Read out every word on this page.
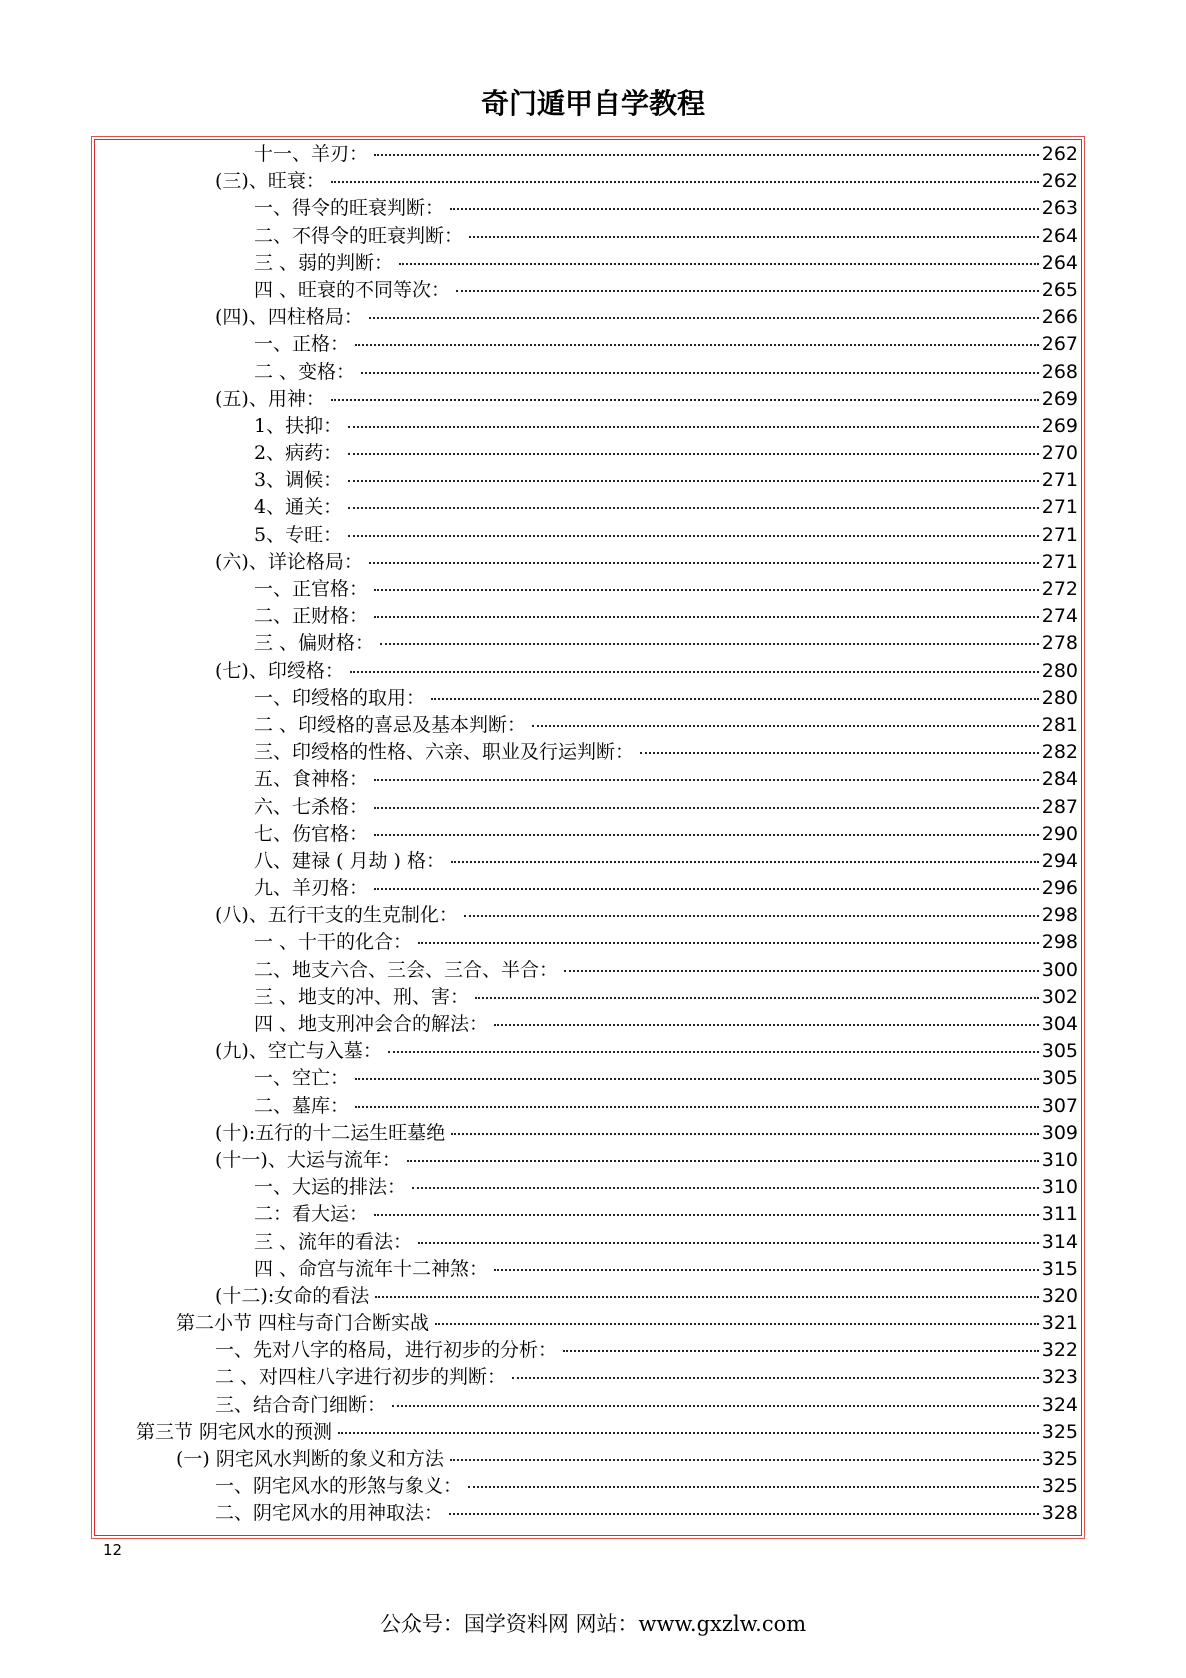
奇门遁甲自学教程
十一、羊刃：	262
(三)、旺衰：	262
一、得令的旺衰判断：	263
二、不得令的旺衰判断：	264
三 、弱的判断：	264
四 、旺衰的不同等次：	265
(四)、四柱格局：	266
一、正格：	267
二 、变格：	268
(五)、用神：	269
1、扶抑：	269
2、病药：	270
3、调候：	271
4、通关：	271
5、专旺：	271
(六)、详论格局：	271
一、正官格：	272
二、正财格：	274
三 、偏财格：	278
(七)、印绶格：	280
一、印绶格的取用：	280
二 、印绶格的喜忌及基本判断：	281
三、印绶格的性格、六亲、职业及行运判断：	282
五、食神格：	284
六、七杀格：	287
七、伤官格：	290
八、建禄 ( 月劫 ) 格：	294
九、羊刃格：	296
(八)、五行干支的生克制化：	298
一 、十干的化合：	298
二、地支六合、三会、三合、半合：	300
三 、地支的冲、刑、害：	302
四 、地支刑冲会合的解法：	304
(九)、空亡与入墓：	305
一、空亡：	305
二、墓库：	307
(十):五行的十二运生旺墓绝	309
(十一)、大运与流年：	310
一、大运的排法：	310
二：看大运：	311
三 、流年的看法：	314
四 、命宫与流年十二神煞：	315
(十二):女命的看法	320
第二小节 四柱与奇门合断实战	321
一、先对八字的格局，进行初步的分析：	322
二 、对四柱八字进行初步的判断：	323
三、结合奇门细断：	324
第三节 阴宅风水的预测	325
(一) 阴宅风水判断的象义和方法	325
一、阴宅风水的形煞与象义：	325
二、阴宅风水的用神取法：	328
12
公众号：国学资料网 网站：www.gxzlw.com
